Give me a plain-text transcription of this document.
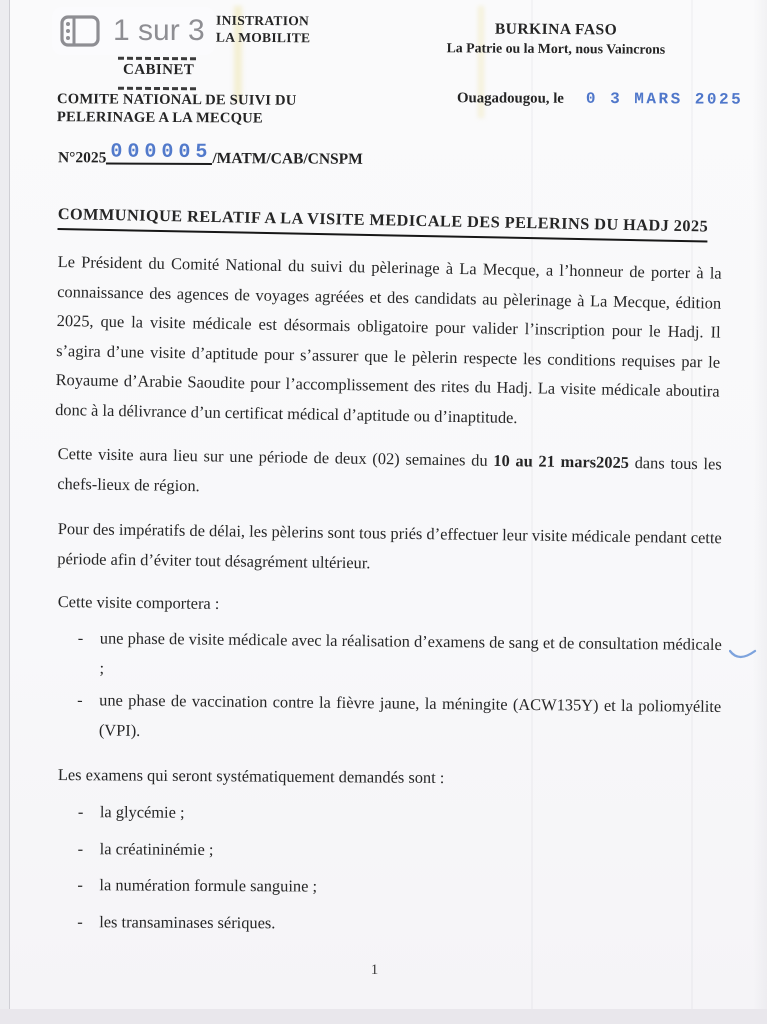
INISTRATION
LA MOBILITE
CABINET
COMITE NATIONAL DE SUIVI DU
PELERINAGE A LA MECQUE
BURKINA FASO
La Patrie ou la Mort, nous Vaincrons
Ouagadougou, le 0 3 MARS 2025
N°2025 000005 /MATM/CAB/CNSPM
COMMUNIQUE RELATIF A LA VISITE MEDICALE DES PELERINS DU HADJ 2025

Le Président du Comité National du suivi du pèlerinage à La Mecque, a l’honneur de porter à la connaissance des agences de voyages agréées et des candidats au pèlerinage à La Mecque, édition 2025, que la visite médicale est désormais obligatoire pour valider l’inscription pour le Hadj. Il s’agira d’une visite d’aptitude pour s’assurer que le pèlerin respecte les conditions requises par le Royaume d’Arabie Saoudite pour l’accomplissement des rites du Hadj. La visite médicale aboutira donc à la délivrance d’un certificat médical d’aptitude ou d’inaptitude.

Cette visite aura lieu sur une période de deux (02) semaines du 10 au 21 mars2025 dans tous les chefs-lieux de région.

Pour des impératifs de délai, les pèlerins sont tous priés d’effectuer leur visite médicale pendant cette période afin d’éviter tout désagrément ultérieur.

Cette visite comportera :

- une phase de visite médicale avec la réalisation d’examens de sang et de consultation médicale ;
- une phase de vaccination contre la fièvre jaune, la méningite (ACW135Y) et la poliomyélite (VPI).

Les examens qui seront systématiquement demandés sont :

-	la glycémie ;
-	la créatininémie ;
-	la numération formule sanguine ;
-	les transaminases sériques.
1
1 sur 3
